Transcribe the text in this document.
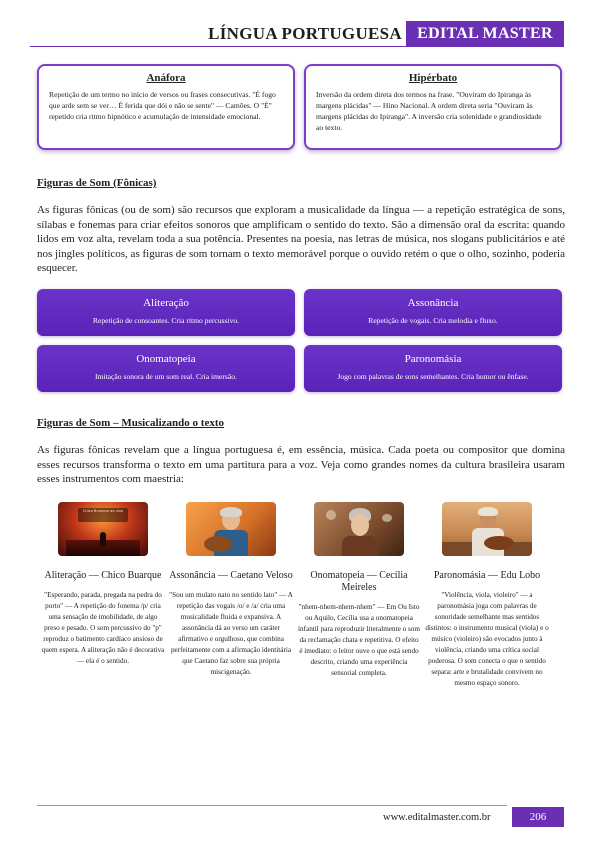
LÍNGUA PORTUGUESA EDITAL MASTER
Anáfora
Repetição de um termo no início de versos ou frases consecutivas. "É fogo que arde sem se ver… É ferida que dói e não se sente" — Camões. O "É" repetido cria ritmo hipnótico e acumulação de intensidade emocional.
Hipérbato
Inversão da ordem direta dos termos na frase. "Ouviram do Ipiranga às margens plácidas" — Hino Nacional. A ordem direta seria "Ouviram às margens plácidas do Ipiranga". A inversão cria solenidade e grandiosidade ao texto.
Figuras de Som (Fônicas)
As figuras fônicas (ou de som) são recursos que exploram a musicalidade da língua — a repetição estratégica de sons, sílabas e fonemas para criar efeitos sonoros que amplificam o sentido do texto. São a dimensão oral da escrita: quando lidos em voz alta, revelam toda a sua potência. Presentes na poesia, nas letras de música, nos slogans publicitários e até nos jingles políticos, as figuras de som tornam o texto memorável porque o ouvido retém o que o olho, sozinho, poderia esquecer.
Aliteração
Repetição de consoantes. Cria ritmo percussivo.
Assonância
Repetição de vogais. Cria melodia e fluxo.
Onomatopeia
Imitação sonora de um som real. Cria imersão.
Paronomásia
Jogo com palavras de sons semelhantes. Cria humor ou ênfase.
Figuras de Som – Musicalizando o texto
As figuras fônicas revelam que a língua portuguesa é, em essência, música. Cada poeta ou compositor que domina esses recursos transforma o texto em uma partitura para a voz. Veja como grandes nomes da cultura brasileira usaram esses instrumentos com maestria:
Chico Buarque ao vivo
Aliteração — Chico Buarque
"Esperando, parada, pregada na pedra do porto" — A repetição do fonema /p/ cria uma sensação de imobilidade, de algo preso e pesado. O som percussivo do "p" reproduz o batimento cardíaco ansioso de quem espera. A aliteração não é decorativa — ela é o sentido.
Assonância — Caetano Veloso
"Sou um mulato nato no sentido lato" — A repetição das vogais /o/ e /a/ cria uma musicalidade fluida e expansiva. A assonância dá ao verso um caráter afirmativo e orgulhoso, que combina perfeitamente com a afirmação identitária que Caetano faz sobre sua própria miscigenação.
Onomatopeia — Cecília Meireles
"nhem-nhem-nhem-nhem" — Em Ou Isto ou Aquilo, Cecília usa a onomatopeia infantil para reproduzir literalmente o som da reclamação chata e repetitiva. O efeito é imediato: o leitor ouve o que está sendo descrito, criando uma experiência sensorial completa.
Paronomásia — Edu Lobo
"Violência, viola, violeiro" — a paronomásia joga com palavras de sonoridade semelhante mas sentidos distintos: o instrumento musical (viola) e o músico (violeiro) são evocados junto à violência, criando uma crítica social poderosa. O som conecta o que o sentido separa: arte e brutalidade convivem no mesmo espaço sonoro.
www.editalmaster.com.br	206
